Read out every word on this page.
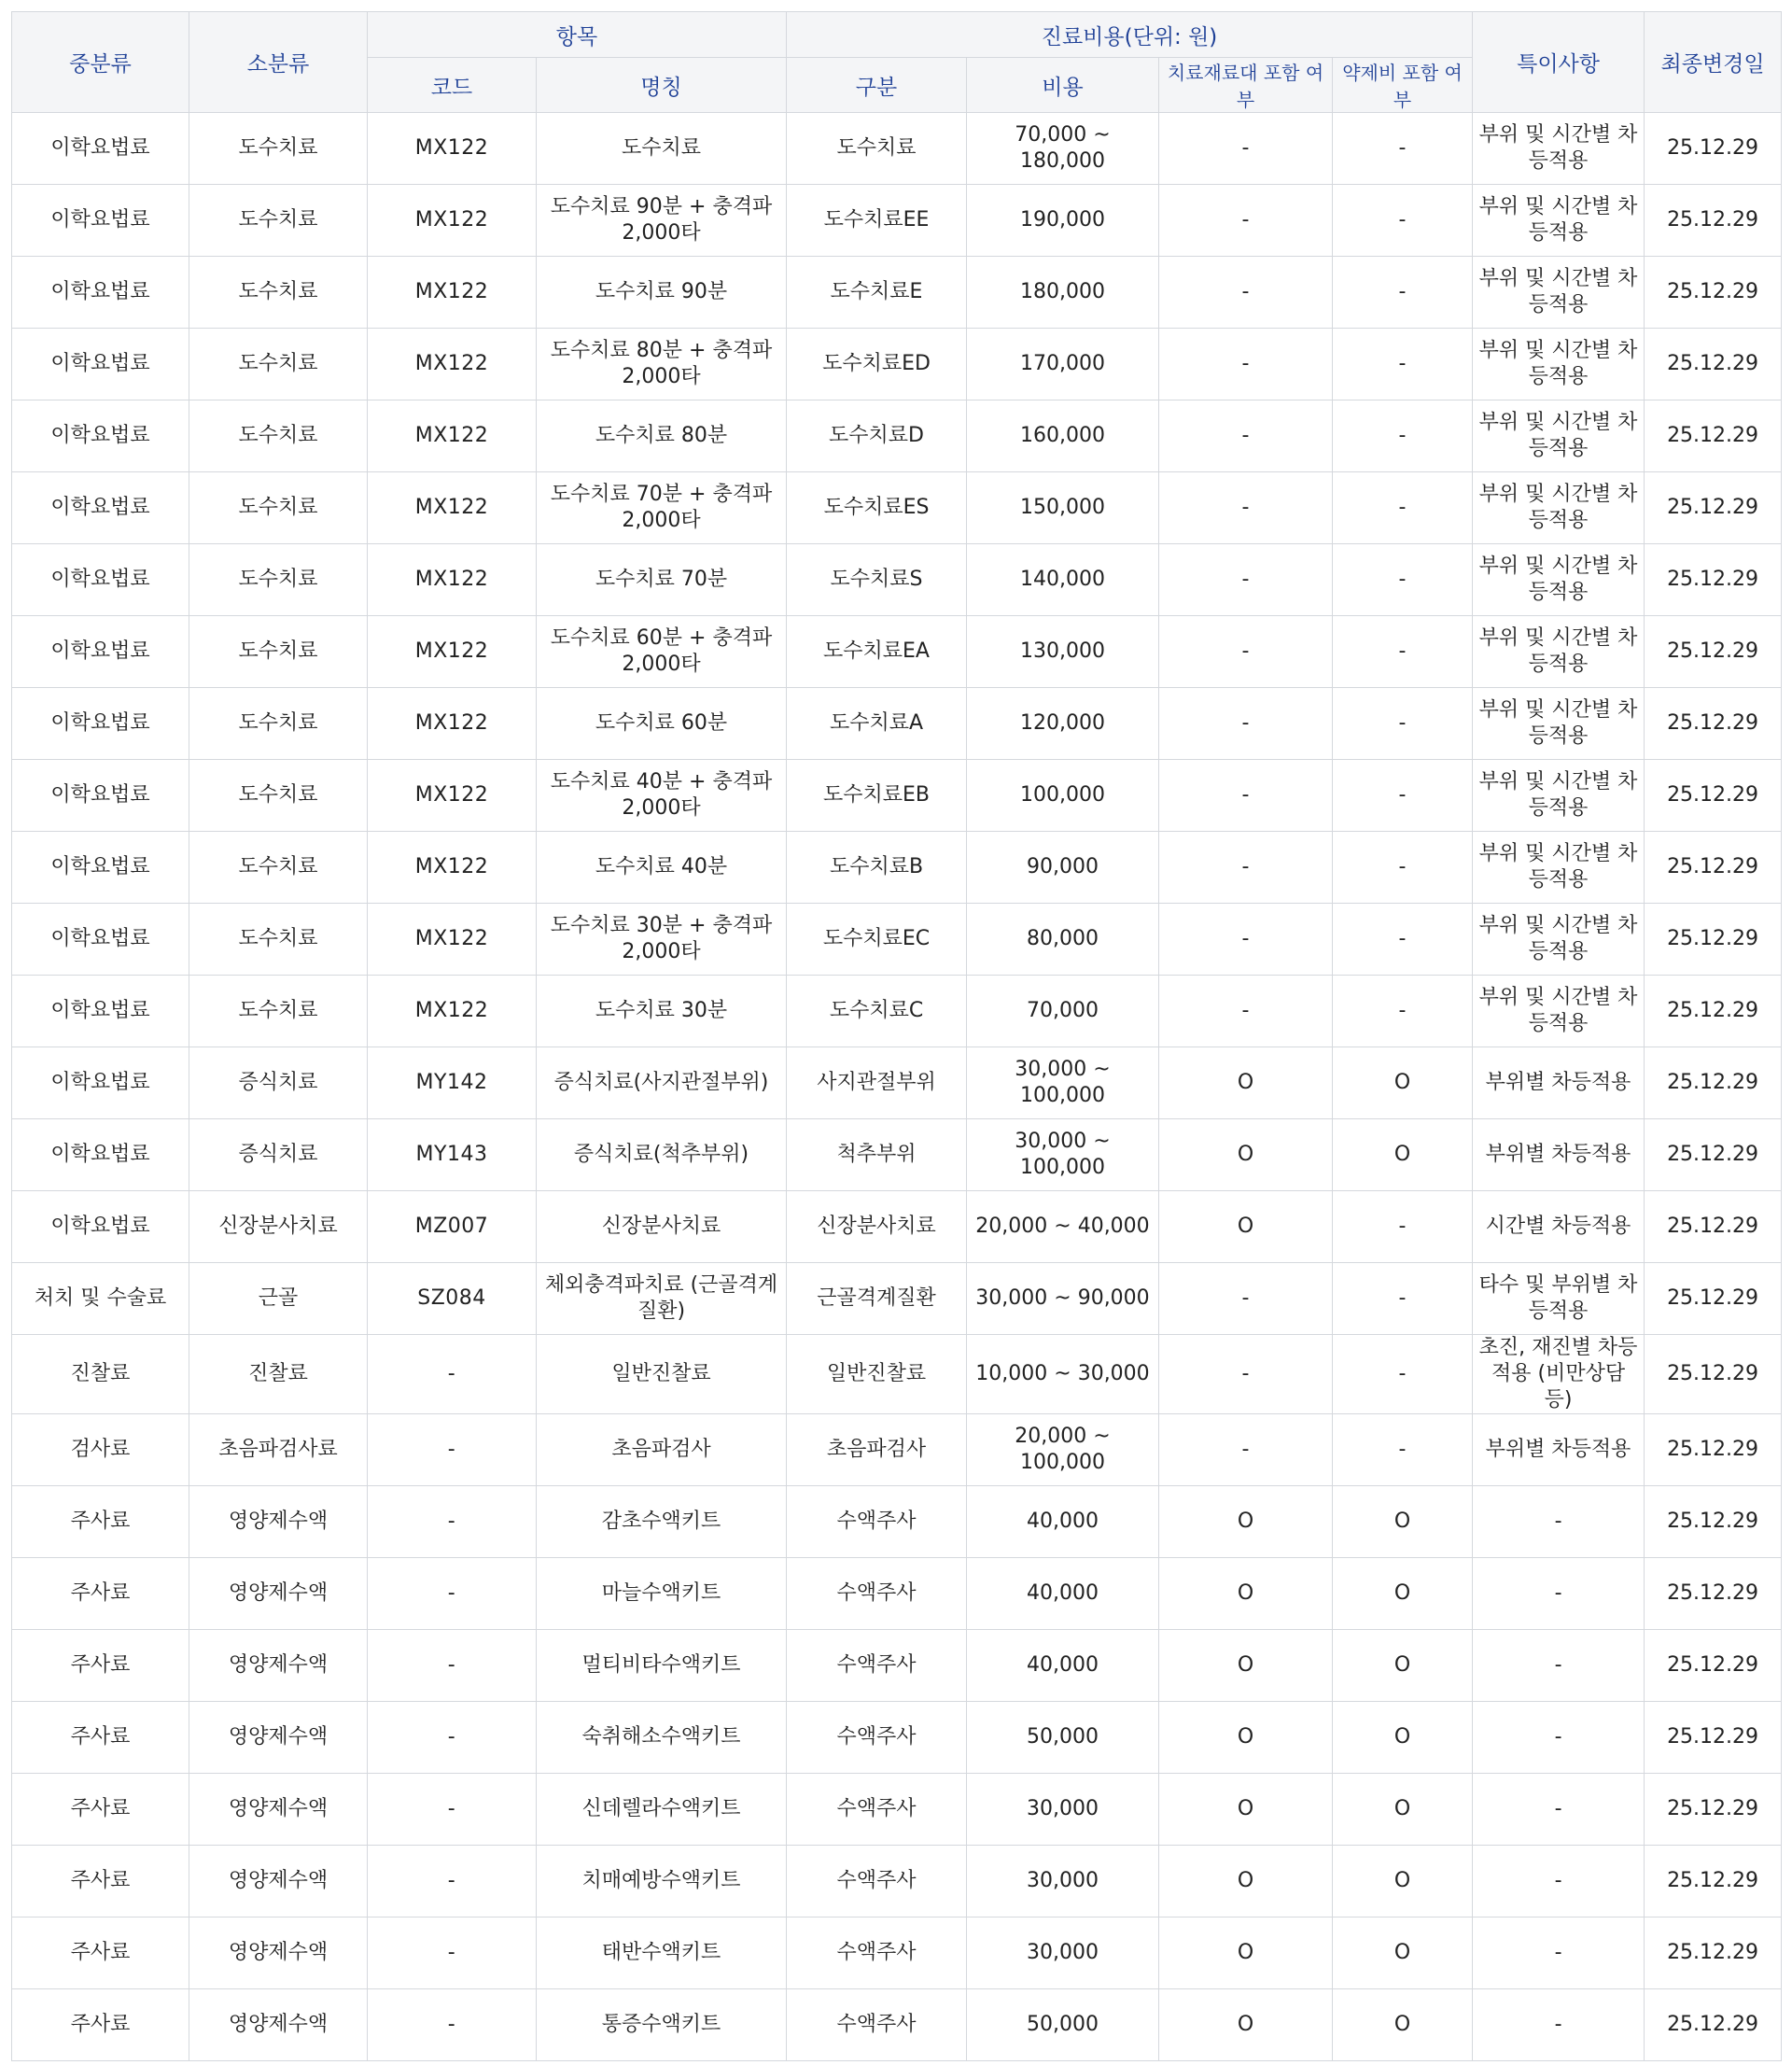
중분류	소분류	항목		진료비용(단위: 원)				특이사항	최종변경일
		코드	명칭	구분	비용	치료재료대 포함 여부	약제비 포함 여부		
이학요법료	도수치료	MX122	도수치료	도수치료	70,000 ~ 180,000	-	-	부위 및 시간별 차등적용	25.12.29
이학요법료	도수치료	MX122	도수치료 90분 + 충격파 2,000타	도수치료EE	190,000	-	-	부위 및 시간별 차등적용	25.12.29
이학요법료	도수치료	MX122	도수치료 90분	도수치료E	180,000	-	-	부위 및 시간별 차등적용	25.12.29
이학요법료	도수치료	MX122	도수치료 80분 + 충격파 2,000타	도수치료ED	170,000	-	-	부위 및 시간별 차등적용	25.12.29
이학요법료	도수치료	MX122	도수치료 80분	도수치료D	160,000	-	-	부위 및 시간별 차등적용	25.12.29
이학요법료	도수치료	MX122	도수치료 70분 + 충격파 2,000타	도수치료ES	150,000	-	-	부위 및 시간별 차등적용	25.12.29
이학요법료	도수치료	MX122	도수치료 70분	도수치료S	140,000	-	-	부위 및 시간별 차등적용	25.12.29
이학요법료	도수치료	MX122	도수치료 60분 + 충격파 2,000타	도수치료EA	130,000	-	-	부위 및 시간별 차등적용	25.12.29
이학요법료	도수치료	MX122	도수치료 60분	도수치료A	120,000	-	-	부위 및 시간별 차등적용	25.12.29
이학요법료	도수치료	MX122	도수치료 40분 + 충격파 2,000타	도수치료EB	100,000	-	-	부위 및 시간별 차등적용	25.12.29
이학요법료	도수치료	MX122	도수치료 40분	도수치료B	90,000	-	-	부위 및 시간별 차등적용	25.12.29
이학요법료	도수치료	MX122	도수치료 30분 + 충격파 2,000타	도수치료EC	80,000	-	-	부위 및 시간별 차등적용	25.12.29
이학요법료	도수치료	MX122	도수치료 30분	도수치료C	70,000	-	-	부위 및 시간별 차등적용	25.12.29
이학요법료	증식치료	MY142	증식치료(사지관절부위)	사지관절부위	30,000 ~ 100,000	O	O	부위별 차등적용	25.12.29
이학요법료	증식치료	MY143	증식치료(척추부위)	척추부위	30,000 ~ 100,000	O	O	부위별 차등적용	25.12.29
이학요법료	신장분사치료	MZ007	신장분사치료	신장분사치료	20,000 ~ 40,000	O	-	시간별 차등적용	25.12.29
처치 및 수술료	근골	SZ084	체외충격파치료 (근골격계질환)	근골격계질환	30,000 ~ 90,000	-	-	타수 및 부위별 차등적용	25.12.29
진찰료	진찰료	-	일반진찰료	일반진찰료	10,000 ~ 30,000	-	-	초진, 재진별 차등 적용 (비만상담 등)	25.12.29
검사료	초음파검사료	-	초음파검사	초음파검사	20,000 ~ 100,000	-	-	부위별 차등적용	25.12.29
주사료	영양제수액	-	감초수액키트	수액주사	40,000	O	O	-	25.12.29
주사료	영양제수액	-	마늘수액키트	수액주사	40,000	O	O	-	25.12.29
주사료	영양제수액	-	멀티비타수액키트	수액주사	40,000	O	O	-	25.12.29
주사료	영양제수액	-	숙취해소수액키트	수액주사	50,000	O	O	-	25.12.29
주사료	영양제수액	-	신데렐라수액키트	수액주사	30,000	O	O	-	25.12.29
주사료	영양제수액	-	치매예방수액키트	수액주사	30,000	O	O	-	25.12.29
주사료	영양제수액	-	태반수액키트	수액주사	30,000	O	O	-	25.12.29
주사료	영양제수액	-	통증수액키트	수액주사	50,000	O	O	-	25.12.29
